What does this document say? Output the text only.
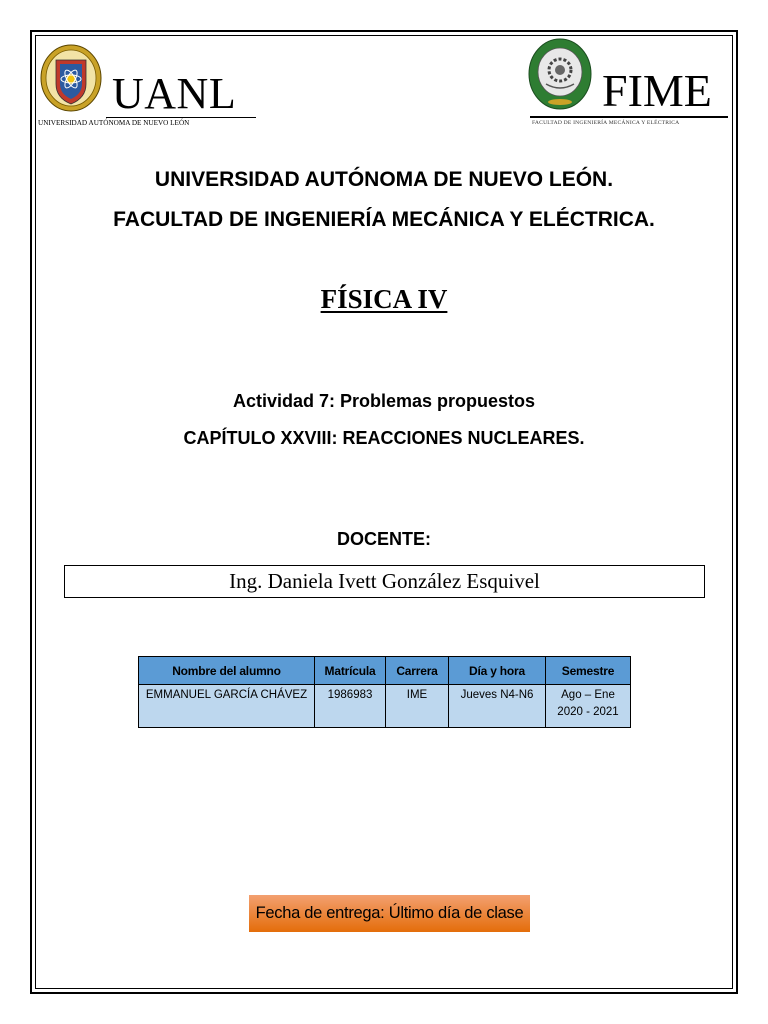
UANL
UNIVERSIDAD AUTÓNOMA DE NUEVO LEÓN
FIME
FACULTAD DE INGENIERÍA MECÁNICA Y ELÉCTRICA
UNIVERSIDAD AUTÓNOMA DE NUEVO LEÓN.
FACULTAD DE INGENIERÍA MECÁNICA Y ELÉCTRICA.
FÍSICA IV
Actividad 7: Problemas propuestos
CAPÍTULO XXVIII: REACCIONES NUCLEARES.
DOCENTE:
Ing. Daniela Ivett González Esquivel
Nombre del alumno	Matrícula	Carrera	Día y hora	Semestre
EMMANUEL GARCÍA CHÁVEZ	1986983	IME	Jueves N4-N6	Ago – Ene
2020 - 2021
Fecha de entrega: Último día de clase
